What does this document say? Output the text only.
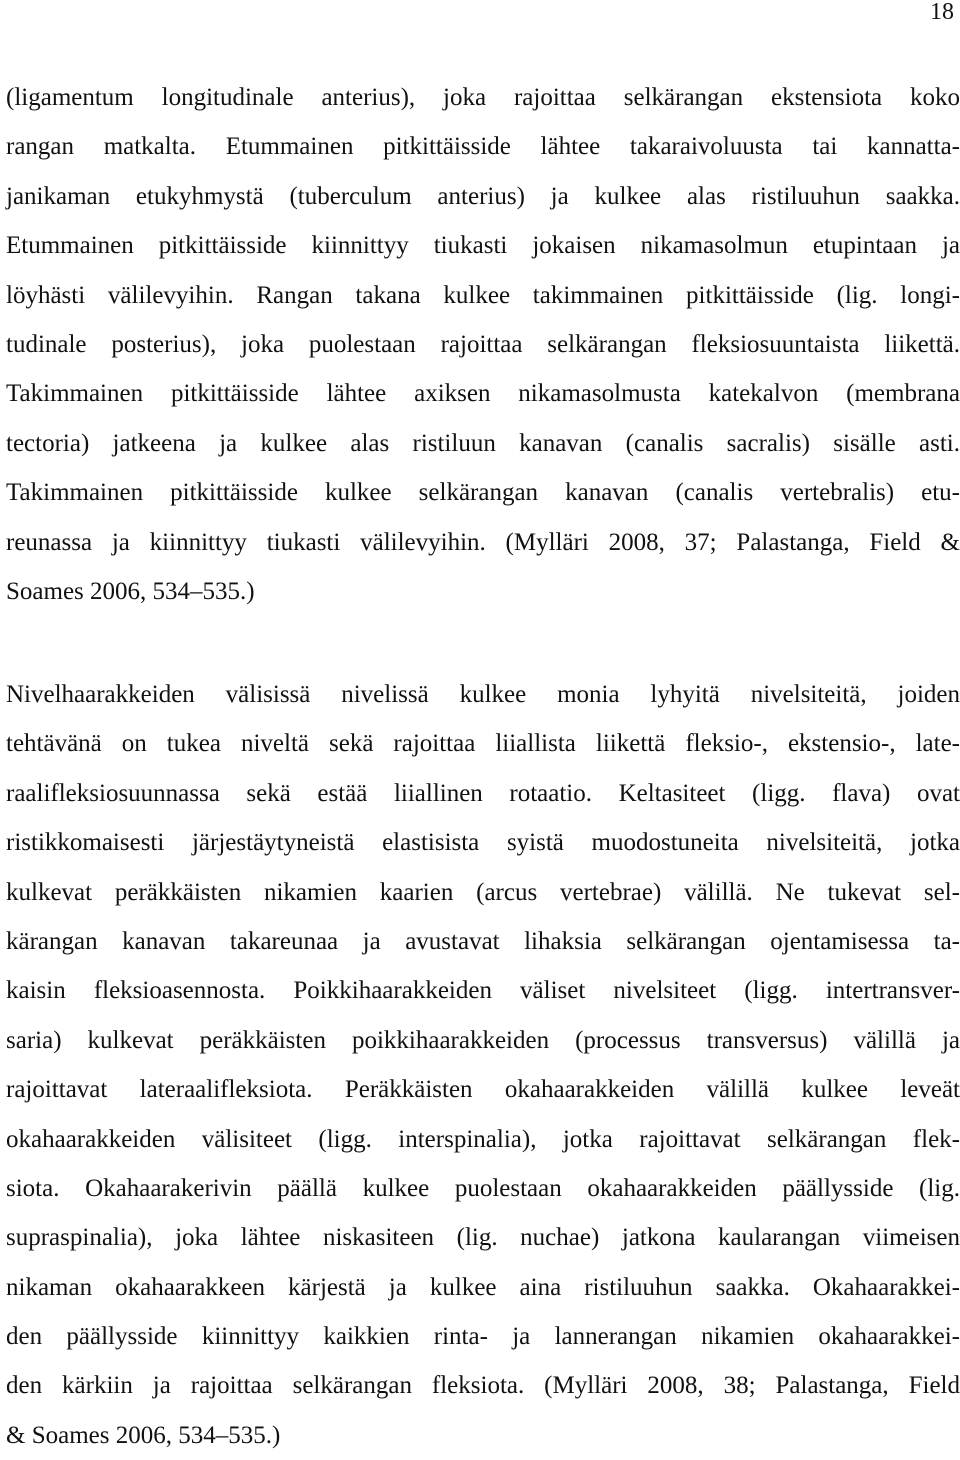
18
(ligamentum longitudinale anterius), joka rajoittaa selkärangan ekstensiota koko
rangan matkalta. Etummainen pitkittäisside lähtee takaraivoluusta tai kannatta-
janikaman etukyhmystä (tuberculum anterius) ja kulkee alas ristiluuhun saakka.
Etummainen pitkittäisside kiinnittyy tiukasti jokaisen nikamasolmun etupintaan ja
löyhästi välilevyihin. Rangan takana kulkee takimmainen pitkittäisside (lig. longi-
tudinale posterius), joka puolestaan rajoittaa selkärangan fleksiosuuntaista liikettä.
Takimmainen pitkittäisside lähtee axiksen nikamasolmusta katekalvon (membrana
tectoria) jatkeena ja kulkee alas ristiluun kanavan (canalis sacralis) sisälle asti.
Takimmainen pitkittäisside kulkee selkärangan kanavan (canalis vertebralis) etu-
reunassa ja kiinnittyy tiukasti välilevyihin. (Mylläri 2008, 37; Palastanga, Field &
Soames 2006, 534–535.)
Nivelhaarakkeiden välisissä nivelissä kulkee monia lyhyitä nivelsiteitä, joiden
tehtävänä on tukea niveltä sekä rajoittaa liiallista liikettä fleksio-, ekstensio-, late-
raalifleksiosuunnassa sekä estää liiallinen rotaatio. Keltasiteet (ligg. flava) ovat
ristikkomaisesti järjestäytyneistä elastisista syistä muodostuneita nivelsiteitä, jotka
kulkevat peräkkäisten nikamien kaarien (arcus vertebrae) välillä. Ne tukevat sel-
kärangan kanavan takareunaa ja avustavat lihaksia selkärangan ojentamisessa ta-
kaisin fleksioasennosta. Poikkihaarakkeiden väliset nivelsiteet (ligg. intertransver-
saria) kulkevat peräkkäisten poikkihaarakkeiden (processus transversus) välillä ja
rajoittavat lateraalifleksiota. Peräkkäisten okahaarakkeiden välillä kulkee leveät
okahaarakkeiden välisiteet (ligg. interspinalia), jotka rajoittavat selkärangan flek-
siota. Okahaarakerivin päällä kulkee puolestaan okahaarakkeiden päällysside (lig.
supraspinalia), joka lähtee niskasiteen (lig. nuchae) jatkona kaularangan viimeisen
nikaman okahaarakkeen kärjestä ja kulkee aina ristiluuhun saakka. Okahaarakkei-
den päällysside kiinnittyy kaikkien rinta- ja lannerangan nikamien okahaarakkei-
den kärkiin ja rajoittaa selkärangan fleksiota. (Mylläri 2008, 38; Palastanga, Field
& Soames 2006, 534–535.)
